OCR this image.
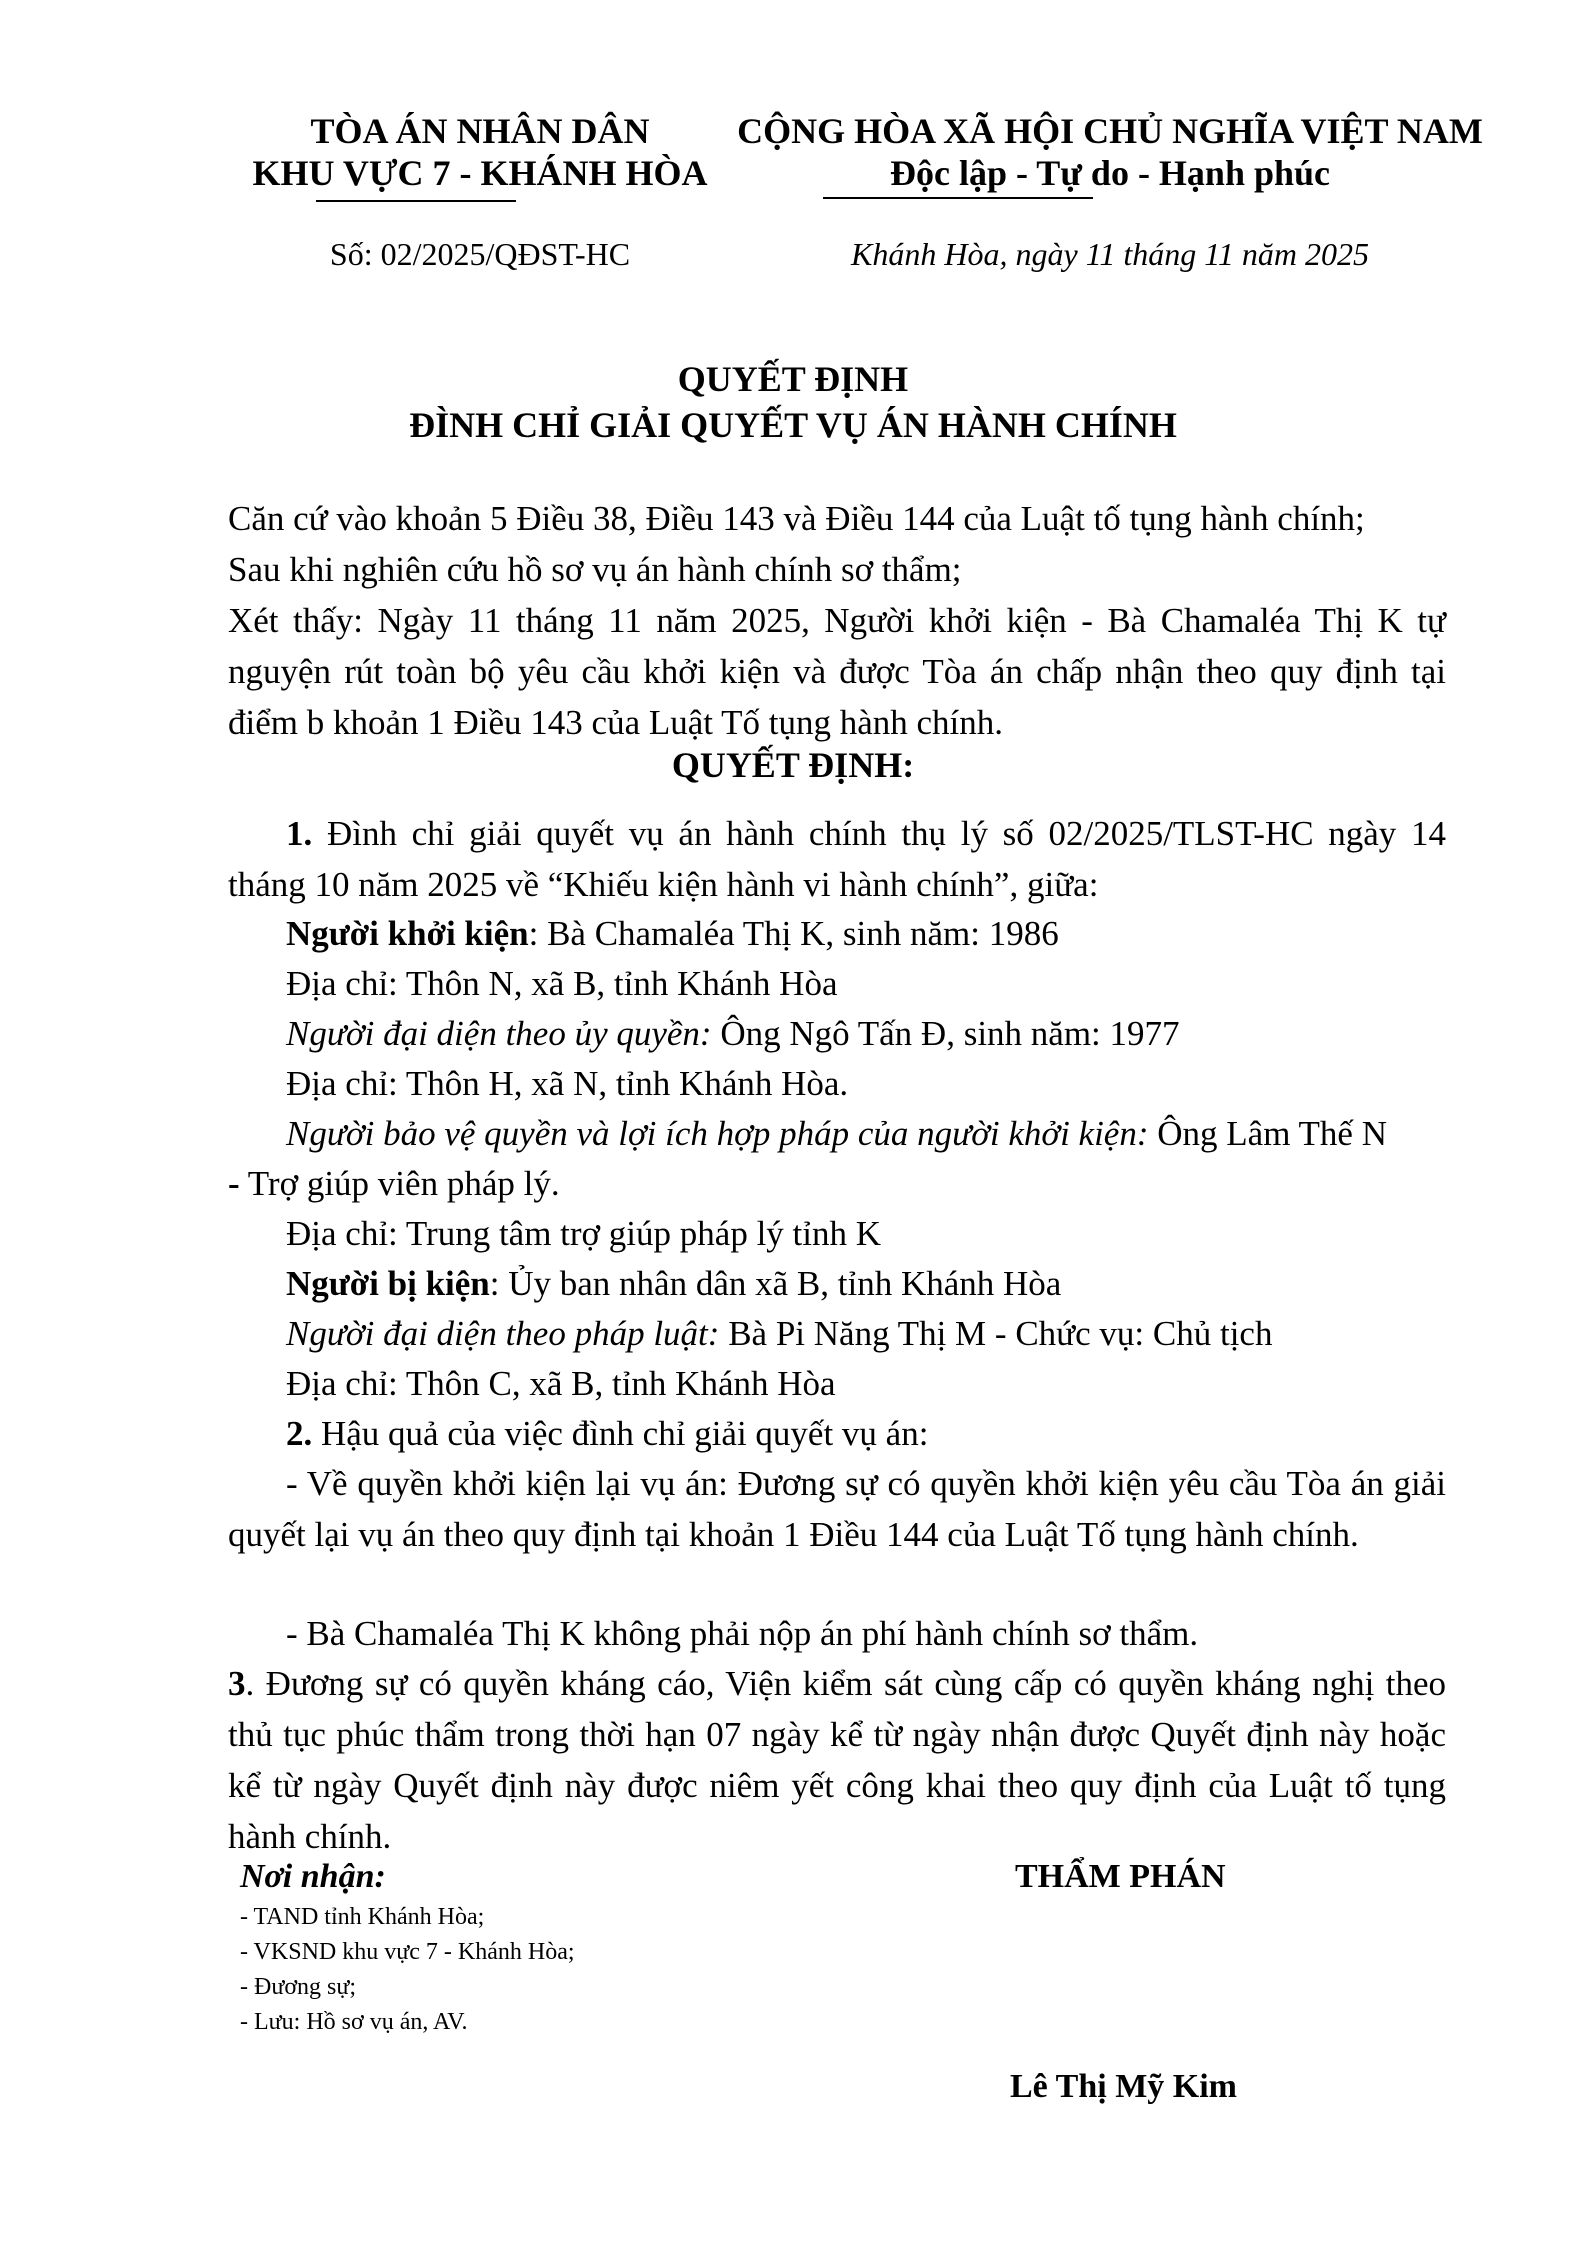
TÒA ÁN NHÂN DÂN
KHU VỰC 7 - KHÁNH HÒA
CỘNG HÒA XÃ HỘI CHỦ NGHĨA VIỆT NAM
Độc lập - Tự do - Hạnh phúc
Số: 02/2025/QĐST-HC	Khánh Hòa, ngày 11 tháng 11 năm 2025
QUYẾT ĐỊNH
ĐÌNH CHỈ GIẢI QUYẾT VỤ ÁN HÀNH CHÍNH
Căn cứ vào khoản 5 Điều 38, Điều 143 và Điều 144 của Luật tố tụng hành chính;
Sau khi nghiên cứu hồ sơ vụ án hành chính sơ thẩm;
Xét thấy: Ngày 11 tháng 11 năm 2025, Người khởi kiện - Bà Chamaléa Thị K tự nguyện rút toàn bộ yêu cầu khởi kiện và được Tòa án chấp nhận theo quy định tại điểm b khoản 1 Điều 143 của Luật Tố tụng hành chính.
QUYẾT ĐỊNH:
1. Đình chỉ giải quyết vụ án hành chính thụ lý số 02/2025/TLST-HC ngày 14 tháng 10 năm 2025 về “Khiếu kiện hành vi hành chính”, giữa:
Người khởi kiện: Bà Chamaléa Thị K, sinh năm: 1986
Địa chỉ: Thôn N, xã B, tỉnh Khánh Hòa
Người đại diện theo ủy quyền: Ông Ngô Tấn Đ, sinh năm: 1977
Địa chỉ: Thôn H, xã N, tỉnh Khánh Hòa.
Người bảo vệ quyền và lợi ích hợp pháp của người khởi kiện: Ông Lâm Thế N
- Trợ giúp viên pháp lý.
Địa chỉ: Trung tâm trợ giúp pháp lý tỉnh K
Người bị kiện: Ủy ban nhân dân xã B, tỉnh Khánh Hòa
Người đại diện theo pháp luật: Bà Pi Năng Thị M - Chức vụ: Chủ tịch
Địa chỉ: Thôn C, xã B, tỉnh Khánh Hòa
2. Hậu quả của việc đình chỉ giải quyết vụ án:
- Về quyền khởi kiện lại vụ án: Đương sự có quyền khởi kiện yêu cầu Tòa án giải quyết lại vụ án theo quy định tại khoản 1 Điều 144 của Luật Tố tụng hành chính.
- Bà Chamaléa Thị K không phải nộp án phí hành chính sơ thẩm.
3. Đương sự có quyền kháng cáo, Viện kiểm sát cùng cấp có quyền kháng nghị theo thủ tục phúc thẩm trong thời hạn 07 ngày kể từ ngày nhận được Quyết định này hoặc kể từ ngày Quyết định này được niêm yết công khai theo quy định của Luật tố tụng hành chính.
Nơi nhận:
- TAND tỉnh Khánh Hòa;
- VKSND khu vực 7 - Khánh Hòa;
- Đương sự;
- Lưu: Hồ sơ vụ án, AV.
THẨM PHÁN
Lê Thị Mỹ Kim
